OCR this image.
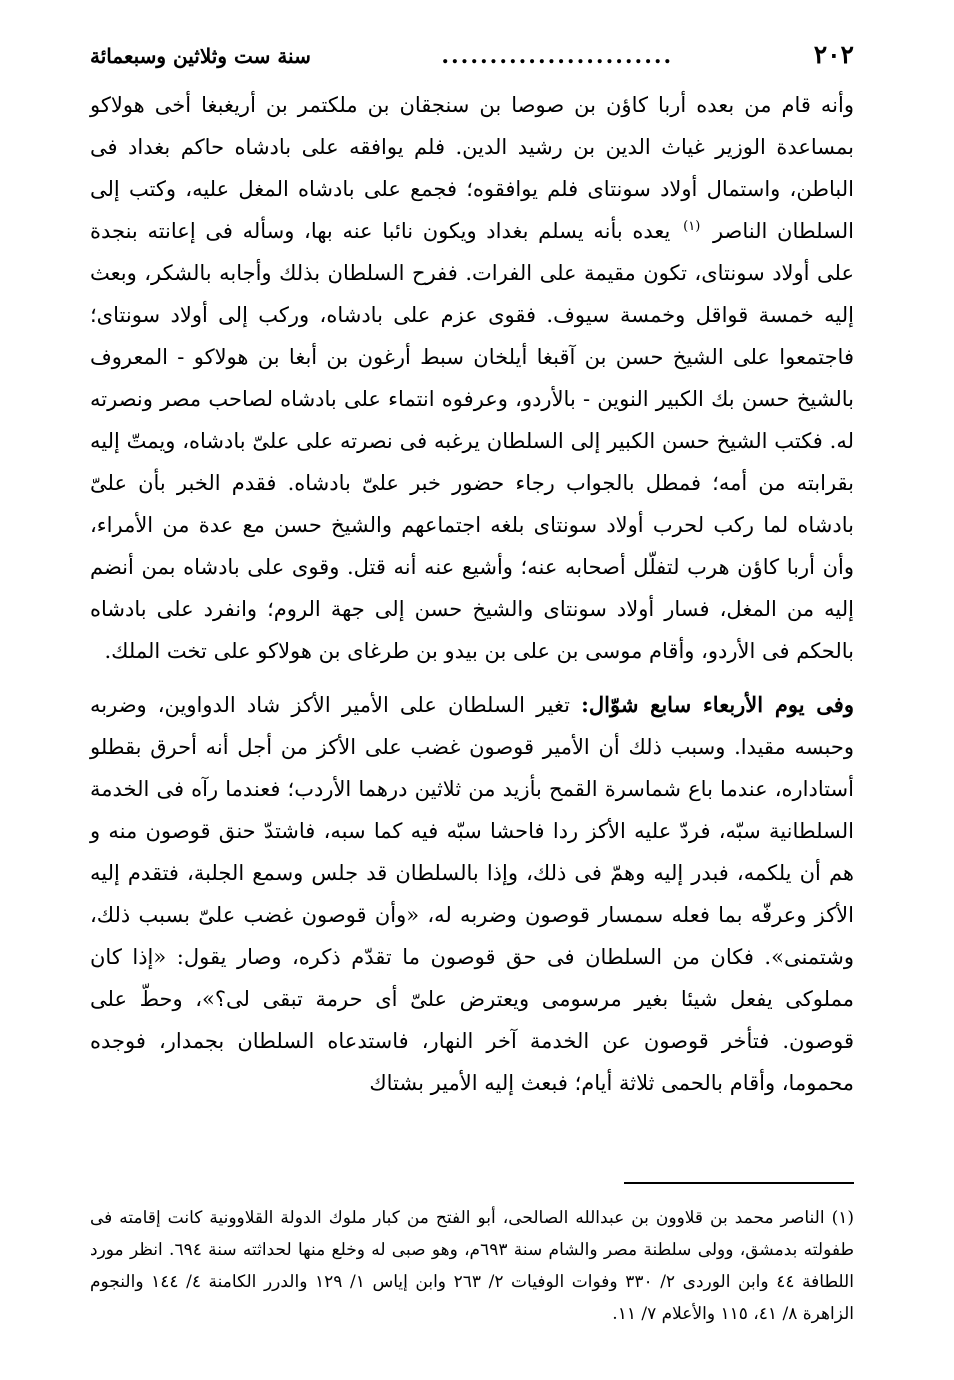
٢٠٢
........................
سنة ست وثلاثين وسبعمائة

وأنه قام من بعده أربا كاؤن بن صوصا بن سنجقان بن ملكتمر بن أريغبغا أخى هولاكو بمساعدة الوزير غياث الدين بن رشيد الدين. فلم يوافقه على بادشاه حاكم بغداد فى الباطن، واستمال أولاد سونتاى فلم يوافقوه؛ فجمع على بادشاه المغل عليه، وكتب إلى السلطان الناصر $^{(١)}$ يعده بأنه يسلم بغداد ويكون نائبا عنه بها، وسأله فى إعانته بنجدة على أولاد سونتاى، تكون مقيمة على الفرات. ففرح السلطان بذلك وأجابه بالشكر، وبعث إليه خمسة قواقل وخمسة سيوف. فقوى عزم على بادشاه، وركب إلى أولاد سونتاى؛ فاجتمعوا على الشيخ حسن بن آقبغا أيلخان سبط أرغون بن أبغا بن هولاكو - المعروف بالشيخ حسن بك الكبير النوين - بالأردو، وعرفوه انتماء على بادشاه لصاحب مصر ونصرته له. فكتب الشيخ حسن الكبير إلى السلطان يرغبه فى نصرته على علىّ بادشاه، ويمتّ إليه بقرابته من أمه؛ فمطل بالجواب رجاء حضور خبر علىّ بادشاه. فقدم الخبر بأن علىّ بادشاه لما ركب لحرب أولاد سونتاى بلغه اجتماعهم والشيخ حسن مع عدة من الأمراء، وأن أربا كاؤن هرب لتفلّل أصحابه عنه؛ وأشيع عنه أنه قتل. وقوى على بادشاه بمن أنضم إليه من المغل، فسار أولاد سونتاى والشيخ حسن إلى جهة الروم؛ وانفرد على بادشاه بالحكم فى الأردو، وأقام موسى بن على بن بيدو بن طرغاى بن هولاكو على تخت الملك.

وفى يوم الأربعاء سابع شوّال: تغير السلطان على الأمير الأكز شاد الدواوين، وضربه وحبسه مقيدا. وسبب ذلك أن الأمير قوصون غضب على الأكز من أجل أنه أحرق بقطلو أستاداره، عندما باع شماسرة القمح بأزيد من ثلاثين درهما الأردب؛ فعندما رآه فى الخدمة السلطانية سبّه، فردّ عليه الأكز ردا فاحشا سبّه فيه كما سبه، فاشتدّ حنق قوصون منه و هم أن يلكمه، فبدر إليه وهمّ فى ذلك، وإذا بالسلطان قد جلس وسمع الجلبة، فتقدم إليه الأكز وعرفّه بما فعله سمسار قوصون وضربه له، «وأن قوصون غضب علىّ بسبب ذلك، وشتمنى». فكان من السلطان فى حق قوصون ما تقدّم ذكره، وصار يقول: «إذا كان مملوكى يفعل شيئا بغير مرسومى ويعترض علىّ أى حرمة تبقى لى؟»، وحطّ على قوصون. فتأخر قوصون عن الخدمة آخر النهار، فاستدعاه السلطان بجمدار، فوجده محموما، وأقام بالحمى ثلاثة أيام؛ فبعث إليه الأمير بشتاك

(١) الناصر محمد بن قلاوون بن عبدالله الصالحى، أبو الفتح من كبار ملوك الدولة القلاوونية كانت إقامته فى طفولته بدمشق، وولى سلطنة مصر والشام سنة ٦٩٣م، وهو صبى له وخلع منها لحداثته سنة ٦٩٤. انظر مورد اللطافة ٤٤ وابن الوردى ٢/ ٣٣٠ وفوات الوفيات ٢/ ٢٦٣ وابن إياس ١/ ١٢٩ والدرر الكامنة ٤/ ١٤٤ والنجوم الزاهرة ٨/ ٤١، ١١٥ والأعلام ٧/ ١١.
